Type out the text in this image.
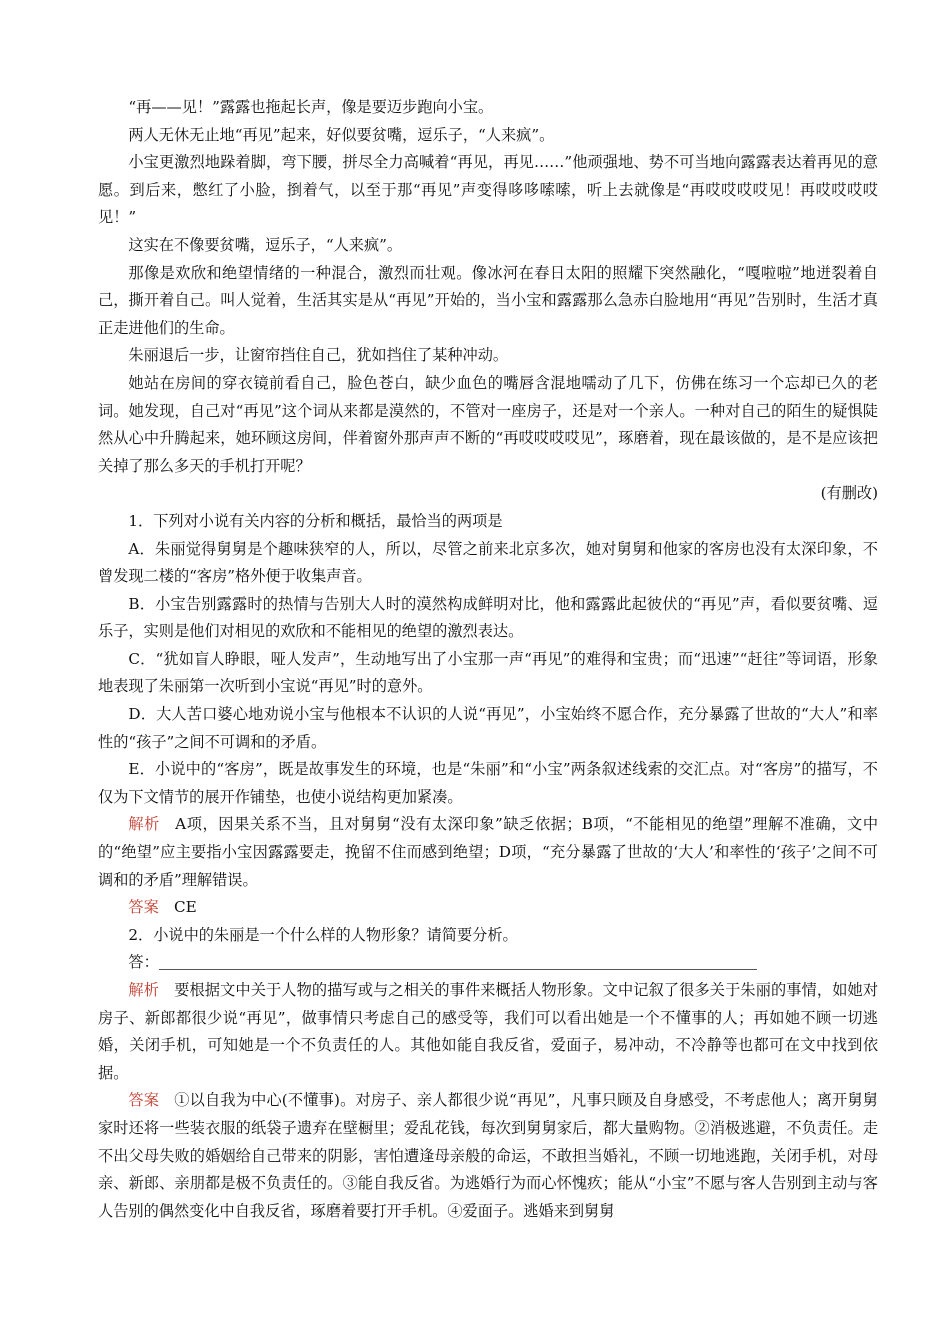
“再——见！”露露也拖起长声，像是要迈步跑向小宝。

两人无休无止地“再见”起来，好似要贫嘴，逗乐子，“人来疯”。

小宝更激烈地跺着脚，弯下腰，拼尽全力高喊着“再见，再见……”他顽强地、势不可当地向露露表达着再见的意愿。到后来，憋红了小脸，捯着气，以至于那“再见”声变得哆哆嗦嗦，听上去就像是“再哎哎哎哎见！再哎哎哎哎见！”

这实在不像要贫嘴，逗乐子，“人来疯”。

那像是欢欣和绝望情绪的一种混合，激烈而壮观。像冰河在春日太阳的照耀下突然融化，“嘎啦啦”地迸裂着自己，撕开着自己。叫人觉着，生活其实是从“再见”开始的，当小宝和露露那么急赤白脸地用“再见”告别时，生活才真正走进他们的生命。

朱丽退后一步，让窗帘挡住自己，犹如挡住了某种冲动。

她站在房间的穿衣镜前看自己，脸色苍白，缺少血色的嘴唇含混地嚅动了几下，仿佛在练习一个忘却已久的老词。她发现，自己对“再见”这个词从来都是漠然的，不管对一座房子，还是对一个亲人。一种对自己的陌生的疑惧陡然从心中升腾起来，她环顾这房间，伴着窗外那声声不断的“再哎哎哎哎见”，琢磨着，现在最该做的，是不是应该把关掉了那么多天的手机打开呢？

(有删改)

1．下列对小说有关内容的分析和概括，最恰当的两项是

A．朱丽觉得舅舅是个趣味狭窄的人，所以，尽管之前来北京多次，她对舅舅和他家的客房也没有太深印象，不曾发现二楼的“客房”格外便于收集声音。

B．小宝告别露露时的热情与告别大人时的漠然构成鲜明对比，他和露露此起彼伏的“再见”声，看似要贫嘴、逗乐子，实则是他们对相见的欢欣和不能相见的绝望的激烈表达。

C．“犹如盲人睁眼，哑人发声”，生动地写出了小宝那一声“再见”的难得和宝贵；而“迅速”“赶往”等词语，形象地表现了朱丽第一次听到小宝说“再见”时的意外。

D．大人苦口婆心地劝说小宝与他根本不认识的人说“再见”，小宝始终不愿合作，充分暴露了世故的“大人”和率性的“孩子”之间不可调和的矛盾。

E．小说中的“客房”，既是故事发生的环境，也是“朱丽”和“小宝”两条叙述线索的交汇点。对“客房”的描写，不仅为下文情节的展开作铺垫，也使小说结构更加紧凑。

解析 A项，因果关系不当，且对舅舅“没有太深印象”缺乏依据；B项，“不能相见的绝望”理解不准确，文中的“绝望”应主要指小宝因露露要走，挽留不住而感到绝望；D项，“充分暴露了世故的‘大人’和率性的‘孩子’之间不可调和的矛盾”理解错误。

答案 CE

2．小说中的朱丽是一个什么样的人物形象？请简要分析。

答：

解析 要根据文中关于人物的描写或与之相关的事件来概括人物形象。文中记叙了很多关于朱丽的事情，如她对房子、新郎都很少说“再见”，做事情只考虑自己的感受等，我们可以看出她是一个不懂事的人；再如她不顾一切逃婚，关闭手机，可知她是一个不负责任的人。其他如能自我反省，爱面子，易冲动，不冷静等也都可在文中找到依据。

答案 ①以自我为中心(不懂事)。对房子、亲人都很少说“再见”，凡事只顾及自身感受，不考虑他人；离开舅舅家时还将一些装衣服的纸袋子遗弃在壁橱里；爱乱花钱，每次到舅舅家后，都大量购物。②消极逃避，不负责任。走不出父母失败的婚姻给自己带来的阴影，害怕遭逢母亲般的命运，不敢担当婚礼，不顾一切地逃跑，关闭手机，对母亲、新郎、亲朋都是极不负责任的。③能自我反省。为逃婚行为而心怀愧疚；能从“小宝”不愿与客人告别到主动与客人告别的偶然变化中自我反省，琢磨着要打开手机。④爱面子。逃婚来到舅舅
